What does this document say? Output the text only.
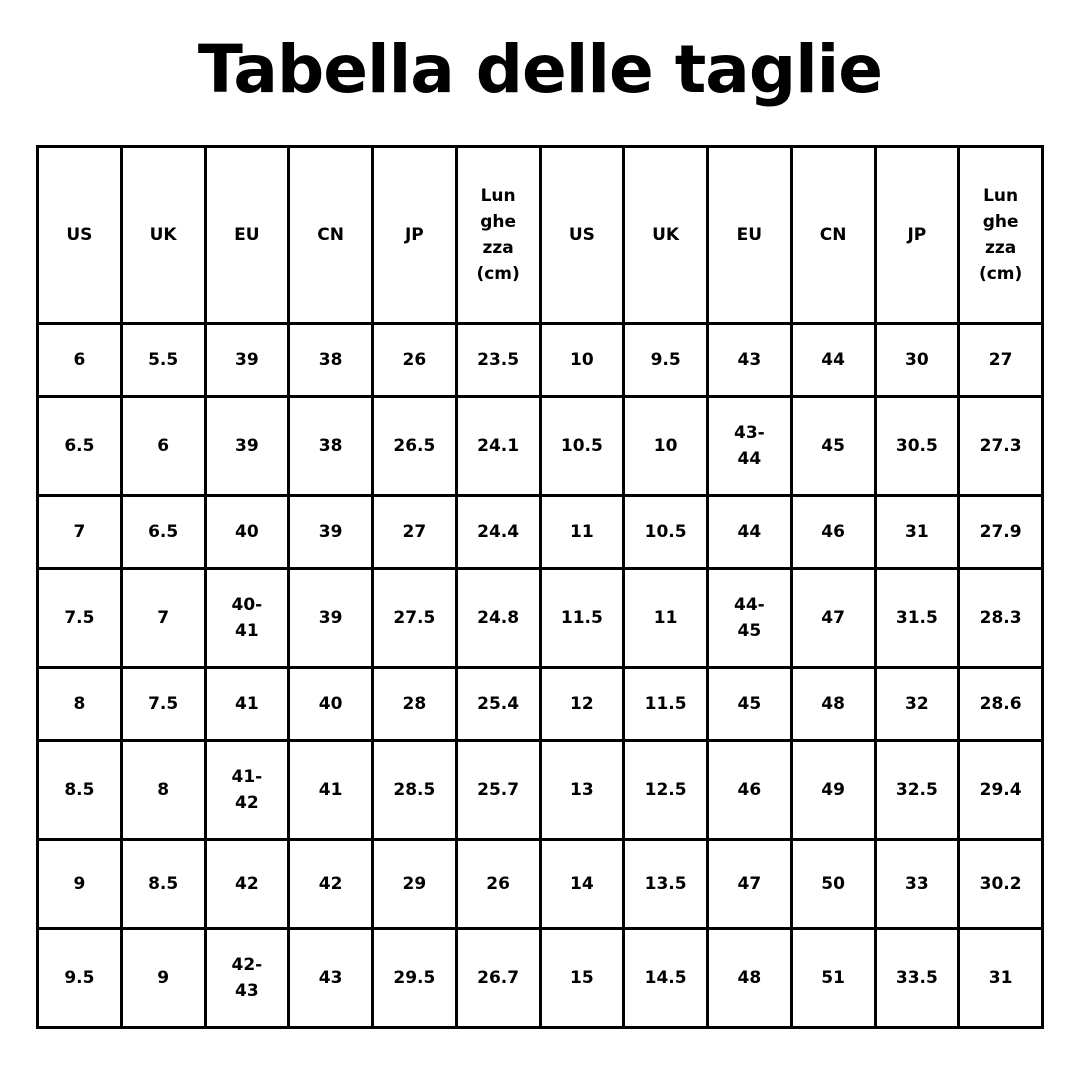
Tabella delle taglie
US	UK	EU	CN	JP	Lunghezza (cm)	US	UK	EU	CN	JP	Lunghezza (cm)

6	5.5	39	38	26	23.5	10	9.5	43	44	30	27
6.5	6	39	38	26.5	24.1	10.5	10	43-44	45	30.5	27.3
7	6.5	40	39	27	24.4	11	10.5	44	46	31	27.9
7.5	7	40-41	39	27.5	24.8	11.5	11	44-45	47	31.5	28.3
8	7.5	41	40	28	25.4	12	11.5	45	48	32	28.6
8.5	8	41-42	41	28.5	25.7	13	12.5	46	49	32.5	29.4
9	8.5	42	42	29	26	14	13.5	47	50	33	30.2
9.5	9	42-43	43	29.5	26.7	15	14.5	48	51	33.5	31
